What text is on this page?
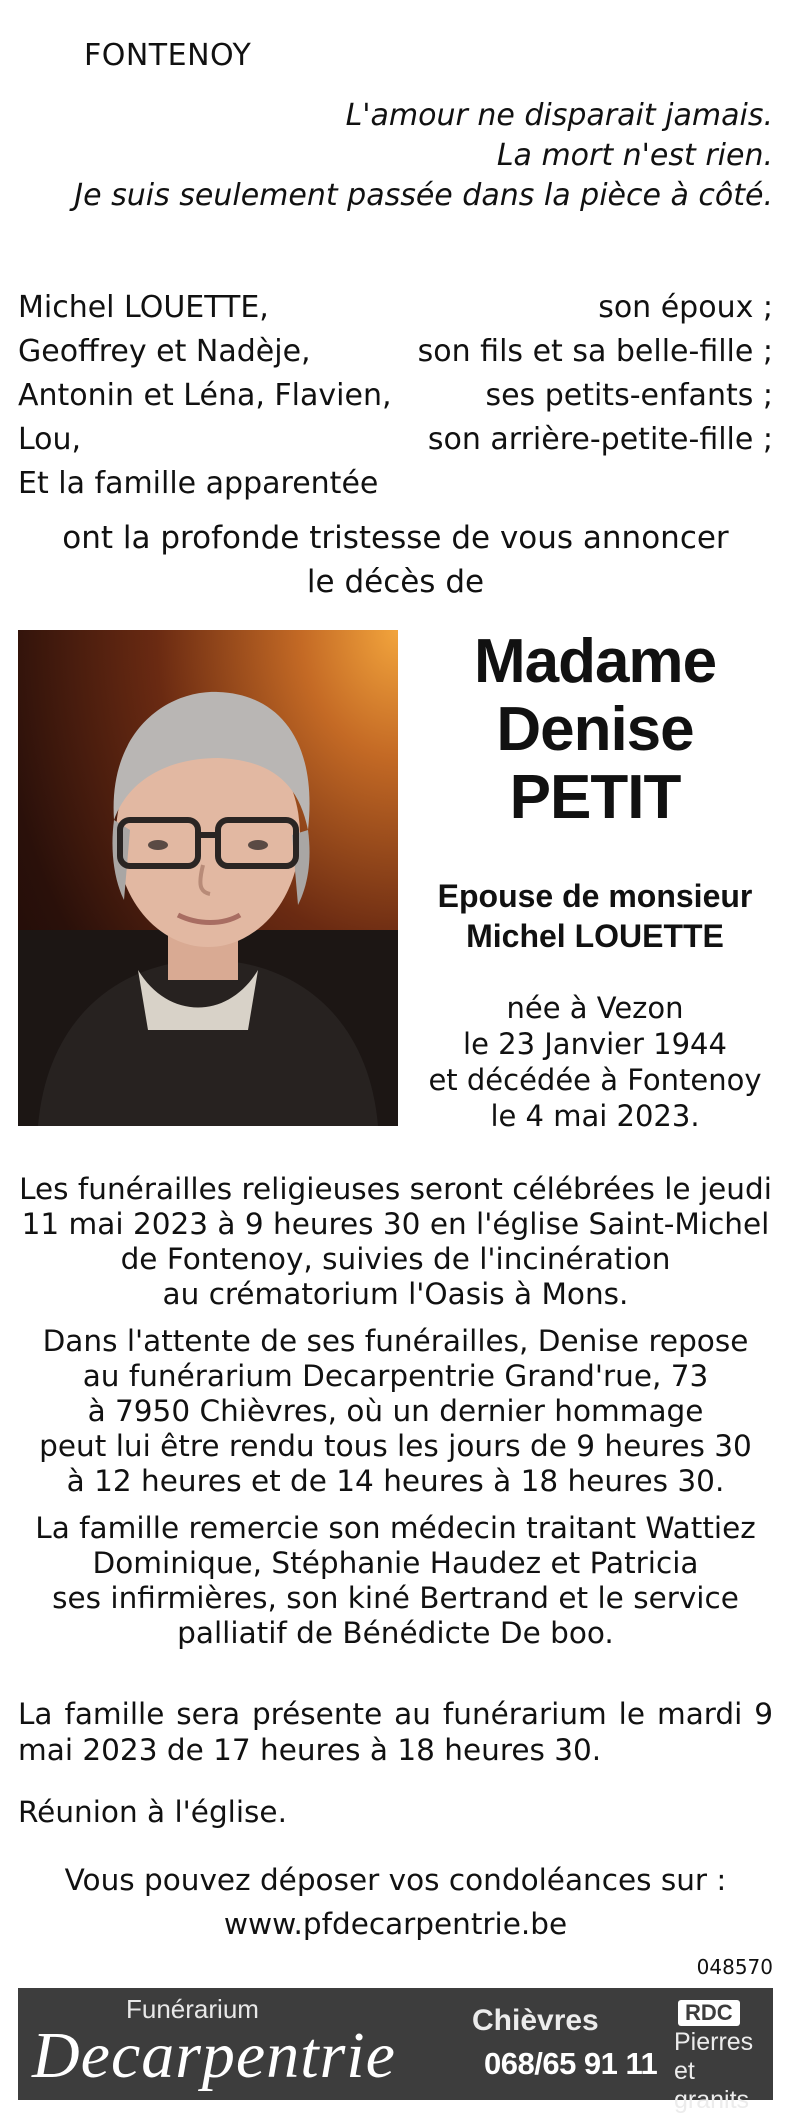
FONTENOY
L'amour ne disparait jamais.
La mort n'est rien.
Je suis seulement passée dans la pièce à côté.
Michel LOUETTE,	son époux ;
Geoffrey et Nadèje,	son fils et sa belle-fille ;
Antonin et Léna, Flavien,	ses petits-enfants ;
Lou,	son arrière-petite-fille ;
Et la famille apparentée
ont la profonde tristesse de vous annoncer
le décès de
Madame
Denise
PETIT
Epouse de monsieur
Michel LOUETTE
née à Vezon
le 23 Janvier 1944
et décédée à Fontenoy
le 4 mai 2023.

Les funérailles religieuses seront célébrées le jeudi
11 mai 2023 à 9 heures 30 en l'église Saint-Michel
de Fontenoy, suivies de l'incinération
au crématorium l'Oasis à Mons.

Dans l'attente de ses funérailles, Denise repose
au funérarium Decarpentrie Grand'rue, 73
à 7950 Chièvres, où un dernier hommage
peut lui être rendu tous les jours de 9 heures 30
à 12 heures et de 14 heures à 18 heures 30.

La famille remercie son médecin traitant Wattiez
Dominique, Stéphanie Haudez et Patricia
ses infirmières, son kiné Bertrand et le service
palliatif de Bénédicte De boo.

La famille sera présente au funérarium le mardi 9 mai 2023 de 17 heures à 18 heures 30.
Réunion à l'église.
Vous pouvez déposer vos condoléances sur :
www.pfdecarpentrie.be
048570
Funérarium
Decarpentrie	Chièvres
068/65 91 11
RDC
Pierres
et granits
